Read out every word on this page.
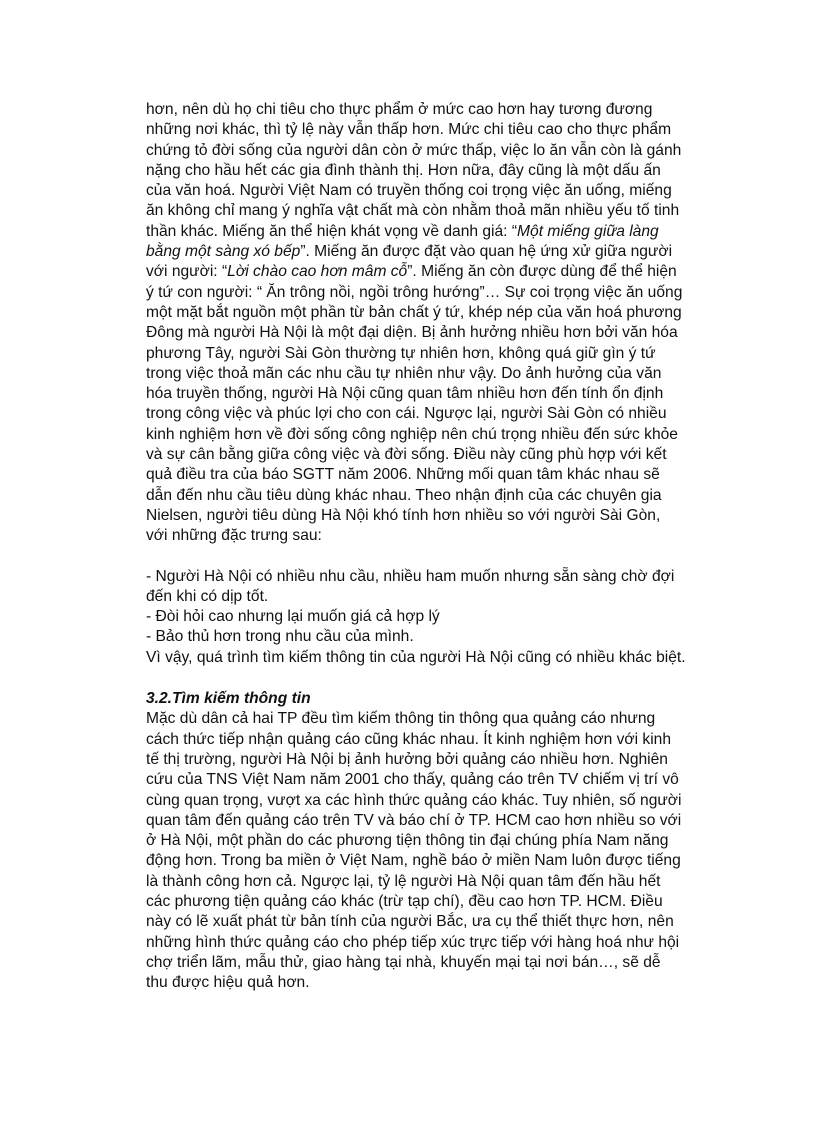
hơn, nên dù họ chi tiêu cho thực phẩm ở mức cao hơn hay tương đương những nơi khác, thì tỷ lệ này vẫn thấp hơn. Mức chi tiêu cao cho thực phẩm chứng tỏ đời sống của người dân còn ở mức thấp, việc lo ăn vẫn còn là gánh nặng cho hầu hết các gia đình thành thị. Hơn nữa, đây cũng là một dấu ấn của văn hoá. Người Việt Nam có truyền thống coi trọng việc ăn uống, miếng ăn không chỉ mang ý nghĩa vật chất mà còn nhằm thoả mãn nhiều yếu tố tinh thần khác. Miếng ăn thể hiện khát vọng về danh giá: “Một miếng giữa làng bằng một sàng xó bếp”. Miếng ăn được đặt vào quan hệ ứng xử giữa người với người: “Lời chào cao hơn mâm cỗ”. Miếng ăn còn được dùng để thể hiện ý tứ con người: “ Ăn trông nồi, ngồi trông hướng”… Sự coi trọng việc ăn uống một mặt bắt nguồn một phần từ bản chất ý tứ, khép nép của văn hoá phương Đông mà người Hà Nội là một đại diện. Bị ảnh hưởng nhiều hơn bởi văn hóa phương Tây, người Sài Gòn thường tự nhiên hơn, không quá giữ gìn ý tứ trong việc thoả mãn các nhu cầu tự nhiên như vậy. Do ảnh hưởng của văn hóa truyền thống, người Hà Nội cũng quan tâm nhiều hơn đến tính ổn định trong công việc và phúc lợi cho con cái. Ngược lại, người Sài Gòn có nhiều kinh nghiệm hơn về đời sống công nghiệp nên chú trọng nhiều đến sức khỏe và sự cân bằng giữa công việc và đời sống. Điều này cũng phù hợp với kết quả điều tra của báo SGTT năm 2006. Những mối quan tâm khác nhau sẽ dẫn đến nhu cầu tiêu dùng khác nhau. Theo nhận định của các chuyên gia Nielsen, người tiêu dùng Hà Nội khó tính hơn nhiều so với người Sài Gòn, với những đặc trưng sau:

- Người Hà Nội có nhiều nhu cầu, nhiều ham muốn nhưng sẵn sàng chờ đợi đến khi có dịp tốt.

- Đòi hỏi cao nhưng lại muốn giá cả hợp lý

- Bảo thủ hơn trong nhu cầu của mình.

Vì vậy, quá trình tìm kiếm thông tin của người Hà Nội cũng có nhiều khác biệt.

3.2.Tìm kiếm thông tin

Mặc dù dân cả hai TP đều tìm kiếm thông tin thông qua quảng cáo nhưng cách thức tiếp nhận quảng cáo cũng khác nhau. Ít kinh nghiệm hơn với kinh tế thị trường, người Hà Nội bị ảnh hưởng bởi quảng cáo nhiều hơn. Nghiên cứu của TNS Việt Nam năm 2001 cho thấy, quảng cáo trên TV chiếm vị trí vô cùng quan trọng, vượt xa các hình thức quảng cáo khác. Tuy nhiên, số người quan tâm đến quảng cáo trên TV và báo chí ở TP. HCM cao hơn nhiều so với ở Hà Nội, một phần do các phương tiện thông tin đại chúng phía Nam năng động hơn. Trong ba miền ở Việt Nam, nghề báo ở miền Nam luôn được tiếng là thành công hơn cả. Ngược lại, tỷ lệ người Hà Nội quan tâm đến hầu hết các phương tiện quảng cáo khác (trừ tạp chí), đều cao hơn TP. HCM. Điều này có lẽ xuất phát từ bản tính của người Bắc, ưa cụ thể thiết thực hơn, nên những hình thức quảng cáo cho phép tiếp xúc trực tiếp với hàng hoá như hội chợ triển lãm, mẫu thử, giao hàng tại nhà, khuyến mại tại nơi bán…, sẽ dễ thu được hiệu quả hơn.
